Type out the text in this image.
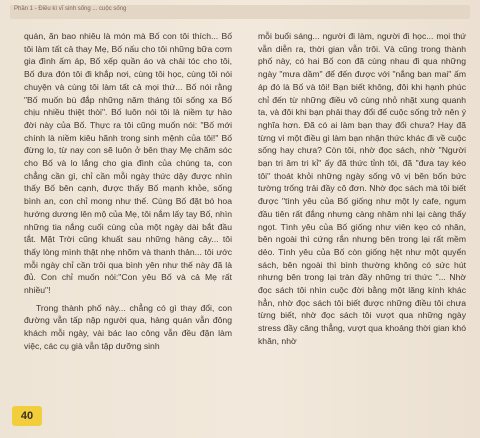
Phần 1 - Điều kì vĩ sinh sống ... cuộc sống

quán, ăn bao nhiêu là món mà Bố con tôi thích... Bố tôi làm tất cả thay Mẹ, Bố nấu cho tôi những bữa cơm gia đình ấm áp, Bố xếp quần áo và chải tóc cho tôi, Bố đưa đón tôi đi khắp nơi, cùng tôi học, cùng tôi nói chuyện và cùng tôi làm tất cả mọi thứ... Bố nói rằng "Bố muốn bù đắp những năm tháng tôi sống xa Bố chịu nhiều thiệt thòi". Bố luôn nói tôi là niềm tự hào đời này của Bố. Thực ra tôi cũng muốn nói: "Bố mới chính là niềm kiêu hãnh trong sinh mệnh của tôi!" Bố đừng lo, từ nay con sẽ luôn ở bên thay Mẹ chăm sóc cho Bố và lo lắng cho gia đình của chúng ta, con chẳng cần gì, chỉ cần mỗi ngày thức dậy được nhìn thấy Bố bên cạnh, được thấy Bố mạnh khỏe, sống bình an, con chỉ mong như thế. Cùng Bố đặt bó hoa hướng dương lên mộ của Mẹ, tôi nắm lấy tay Bố, nhìn những tia nắng cuối cùng của một ngày dài bắt đầu tắt. Mặt Trời cũng khuất sau những hàng cây... tôi thấy lòng mình thật nhẹ nhõm và thanh thản... tôi ước mỗi ngày chỉ cần trôi qua bình yên như thế này đã là đủ. Con chỉ muốn nói:"Con yêu Bố và cả Mẹ rất nhiều"!

Trong thành phố này... chẳng có gì thay đổi, con đường vẫn tấp nập người qua, hàng quán vẫn đông khách mỗi ngày, vài bác lao công vẫn đều đặn làm việc, các cụ già vẫn tập dưỡng sinh

mỗi buổi sáng... người đi làm, người đi học... mọi thứ vẫn diễn ra, thời gian vẫn trôi. Và cũng trong thành phố này, có hai Bố con đã cùng nhau đi qua những ngày "mưa dầm" để đến được với "nắng ban mai" ấm áp đó là Bố và tôi! Bạn biết không, đôi khi hạnh phúc chỉ đến từ những điều vô cùng nhỏ nhặt xung quanh ta, và đôi khi bạn phải thay đổi để cuộc sống trở nên ý nghĩa hơn. Đã có ai làm bạn thay đổi chưa? Hay đã từng vì một điều gì làm bạn nhận thức khác đi về cuộc sống hay chưa? Còn tôi, nhờ đọc sách, nhờ "Người bạn tri âm tri kỉ" ấy đã thức tỉnh tôi, đã "đưa tay kéo tôi" thoát khỏi những ngày sống vô vị bên bốn bức tường trống trải đầy cô đơn. Nhờ đọc sách mà tôi biết được "tình yêu của Bố giống như một ly cafe, ngụm đầu tiên rất đắng nhưng càng nhâm nhi lại càng thấy ngọt. Tình yêu của Bố giống như viên kẹo có nhân, bên ngoài thì cứng rắn nhưng bên trong lại rất mềm dẻo. Tình yêu của Bố còn giống hệt như một quyển sách, bên ngoài thì bình thường không có sức hút nhưng bên trong lại tràn đầy những tri thức "... Nhờ đọc sách tôi nhìn cuộc đời bằng một lăng kính khác hẳn, nhờ đọc sách tôi biết được những điều tôi chưa từng biết, nhờ đọc sách tôi vượt qua những ngày stress đầy căng thẳng, vượt qua khoảng thời gian khó khăn, nhờ

40
